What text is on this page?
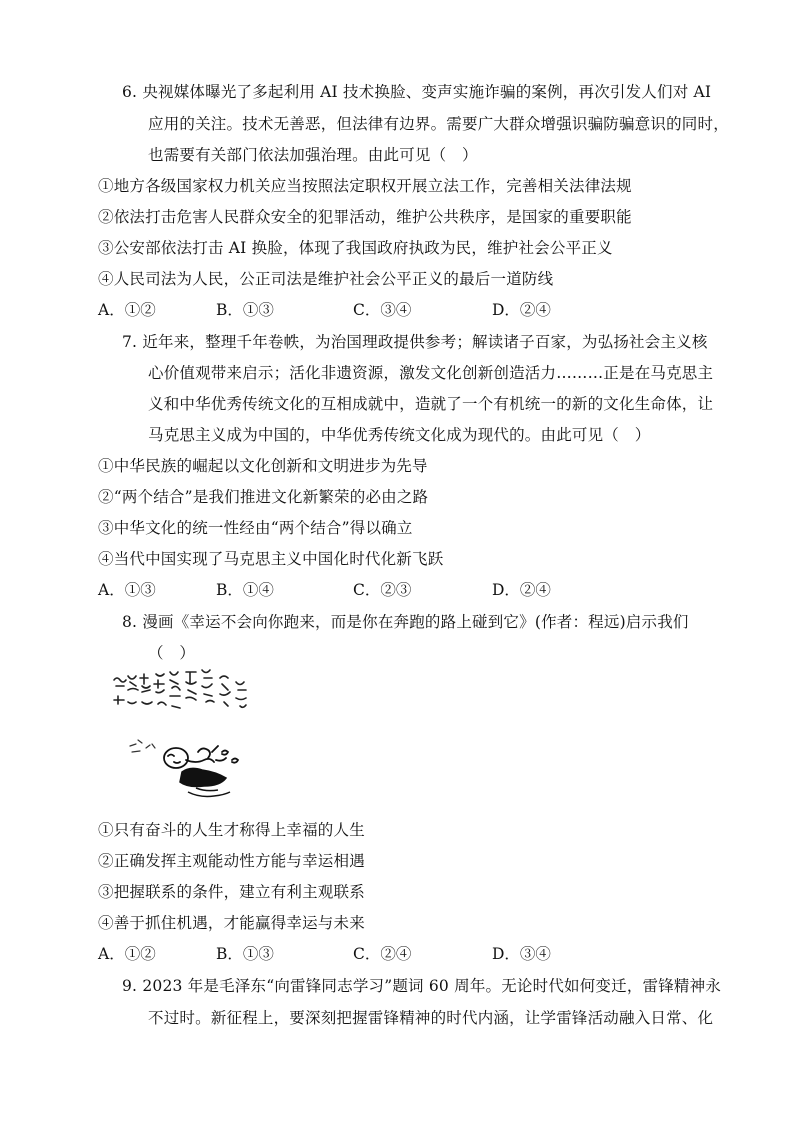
6. 央视媒体曝光了多起利用 AI 技术换脸、变声实施诈骗的案例，再次引发人们对 AI
应用的关注。技术无善恶，但法律有边界。需要广大群众增强识骗防骗意识的同时，
也需要有关部门依法加强治理。由此可见（　）
①地方各级国家权力机关应当按照法定职权开展立法工作，完善相关法律法规
②依法打击危害人民群众安全的犯罪活动，维护公共秩序，是国家的重要职能
③公安部依法打击 AI 换脸，体现了我国政府执政为民，维护社会公平正义
④人民司法为人民，公正司法是维护社会公平正义的最后一道防线
A．①②	B．①③	C．③④	D．②④
7. 近年来，整理千年卷帙，为治国理政提供参考；解读诸子百家，为弘扬社会主义核
心价值观带来启示；活化非遗资源，激发文化创新创造活力………正是在马克思主
义和中华优秀传统文化的互相成就中，造就了一个有机统一的新的文化生命体，让
马克思主义成为中国的，中华优秀传统文化成为现代的。由此可见（　）
①中华民族的崛起以文化创新和文明进步为先导
②“两个结合”是我们推进文化新繁荣的必由之路
③中华文化的统一性经由“两个结合”得以确立
④当代中国实现了马克思主义中国化时代化新飞跃
A．①③	B．①④	C．②③	D．②④
8. 漫画《幸运不会向你跑来，而是你在奔跑的路上碰到它》(作者：程远)启示我们
（　）
①只有奋斗的人生才称得上幸福的人生
②正确发挥主观能动性方能与幸运相遇
③把握联系的条件，建立有利主观联系
④善于抓住机遇，才能赢得幸运与未来
A．①②	B．①③	C．②④	D．③④
9. 2023 年是毛泽东“向雷锋同志学习”题词 60 周年。无论时代如何变迁，雷锋精神永
不过时。新征程上，要深刻把握雷锋精神的时代内涵，让学雷锋活动融入日常、化
